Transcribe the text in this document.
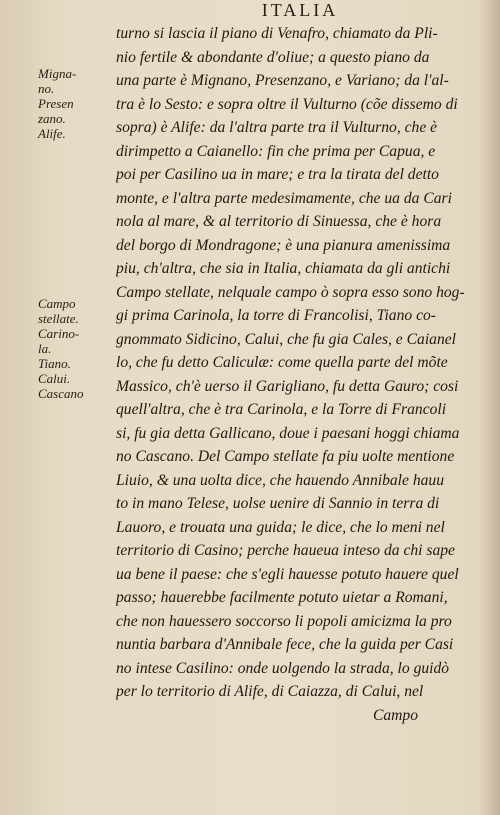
ITALIA
Migna-
no.
Presen
zano.
Alife.
Campo
stellate.
Carino-
la.
Tiano.
Calui.
Cascano
turno si lascia il piano di Venafro, chiamato da Pli-
nio fertile & abondante d'oliue; a questo piano da
una parte è Mignano, Presenzano, e Variano; da l'al-
tra è lo Sesto: e sopra oltre il Vulturno (cõe dissemo di
sopra) è Alife: da l'altra parte tra il Vulturno, che è
dirimpetto a Caianello: fin che prima per Capua, e
poi per Casilino ua in mare; e tra la tirata del detto
monte, e l'altra parte medesimamente, che ua da Cari
nola al mare, & al territorio di Sinuessa, che è hora
del borgo di Mondragone; è una pianura amenissima
piu, ch'altra, che sia in Italia, chiamata da gli antichi
Campo stellate, nelquale campo ò sopra esso sono hog-
gi prima Carinola, la torre di Francolisi, Tiano co-
gnommato Sidicino, Calui, che fu gia Cales, e Caianel
lo, che fu detto Caliculæ: come quella parte del mõte
Massico, ch'è uerso il Garigliano, fu detta Gauro; cosi
quell'altra, che è tra Carinola, e la Torre di Francoli
si, fu gia detta Gallicano, doue i paesani hoggi chiama
no Cascano. Del Campo stellate fa piu uolte mentione
Liuio, & una uolta dice, che hauendo Annibale hauu
to in mano Telese, uolse uenire di Sannio in terra di
Lauoro, e trouata una guida; le dice, che lo meni nel
territorio di Casino; perche haueua inteso da chi sape
ua bene il paese: che s'egli hauesse potuto hauere quel
passo; hauerebbe facilmente potuto uietar a Romani,
che non hauessero soccorso li popoli amicizma la pro
nuntia barbara d'Annibale fece, che la guida per Casi
no intese Casilino: onde uolgendo la strada, lo guidò
per lo territorio di Alife, di Caiazza, di Calui, nel
Campo
